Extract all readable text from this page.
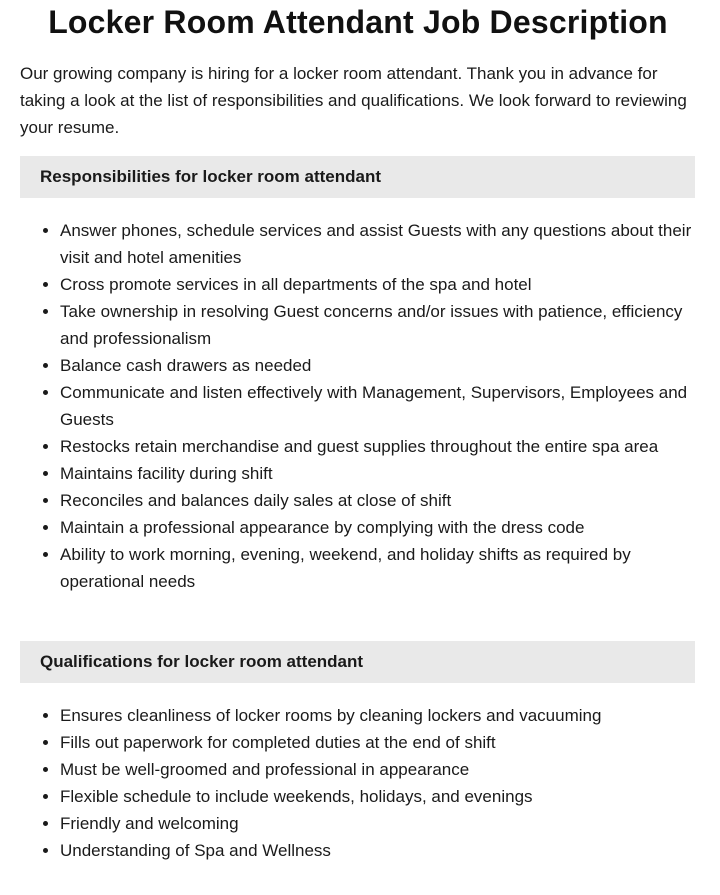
Locker Room Attendant Job Description

Our growing company is hiring for a locker room attendant. Thank you in advance for taking a look at the list of responsibilities and qualifications. We look forward to reviewing your resume.

Responsibilities for locker room attendant
• Answer phones, schedule services and assist Guests with any questions about their visit and hotel amenities
• Cross promote services in all departments of the spa and hotel
• Take ownership in resolving Guest concerns and/or issues with patience, efficiency and professionalism
• Balance cash drawers as needed
• Communicate and listen effectively with Management, Supervisors, Employees and Guests
• Restocks retain merchandise and guest supplies throughout the entire spa area
• Maintains facility during shift
• Reconciles and balances daily sales at close of shift
• Maintain a professional appearance by complying with the dress code
• Ability to work morning, evening, weekend, and holiday shifts as required by operational needs
Qualifications for locker room attendant
• Ensures cleanliness of locker rooms by cleaning lockers and vacuuming
• Fills out paperwork for completed duties at the end of shift
• Must be well-groomed and professional in appearance
• Flexible schedule to include weekends, holidays, and evenings
• Friendly and welcoming
• Understanding of Spa and Wellness
